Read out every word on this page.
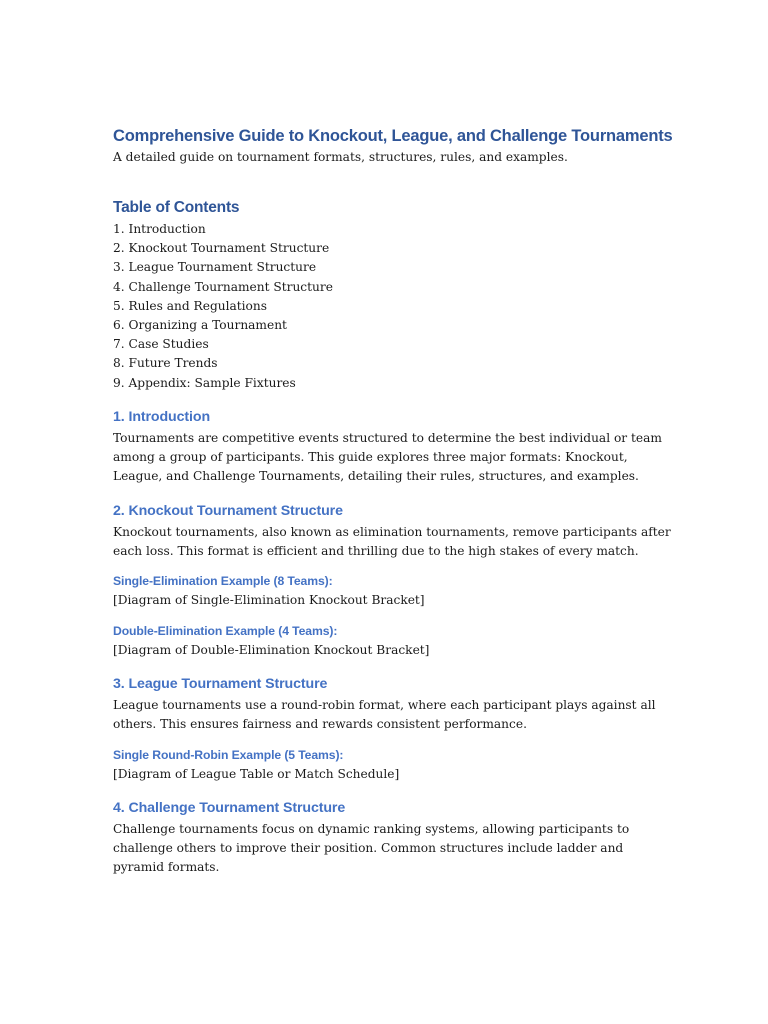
Comprehensive Guide to Knockout, League, and Challenge Tournaments

A detailed guide on tournament formats, structures, rules, and examples.

Table of Contents
1. Introduction
2. Knockout Tournament Structure
3. League Tournament Structure
4. Challenge Tournament Structure
5. Rules and Regulations
6. Organizing a Tournament
7. Case Studies
8. Future Trends
9. Appendix: Sample Fixtures
1. Introduction

Tournaments are competitive events structured to determine the best individual or team among a group of participants. This guide explores three major formats: Knockout, League, and Challenge Tournaments, detailing their rules, structures, and examples.

2. Knockout Tournament Structure

Knockout tournaments, also known as elimination tournaments, remove participants after each loss. This format is efficient and thrilling due to the high stakes of every match.

Single-Elimination Example (8 Teams):

[Diagram of Single-Elimination Knockout Bracket]

Double-Elimination Example (4 Teams):

[Diagram of Double-Elimination Knockout Bracket]

3. League Tournament Structure

League tournaments use a round-robin format, where each participant plays against all others. This ensures fairness and rewards consistent performance.

Single Round-Robin Example (5 Teams):

[Diagram of League Table or Match Schedule]

4. Challenge Tournament Structure

Challenge tournaments focus on dynamic ranking systems, allowing participants to challenge others to improve their position. Common structures include ladder and pyramid formats.
